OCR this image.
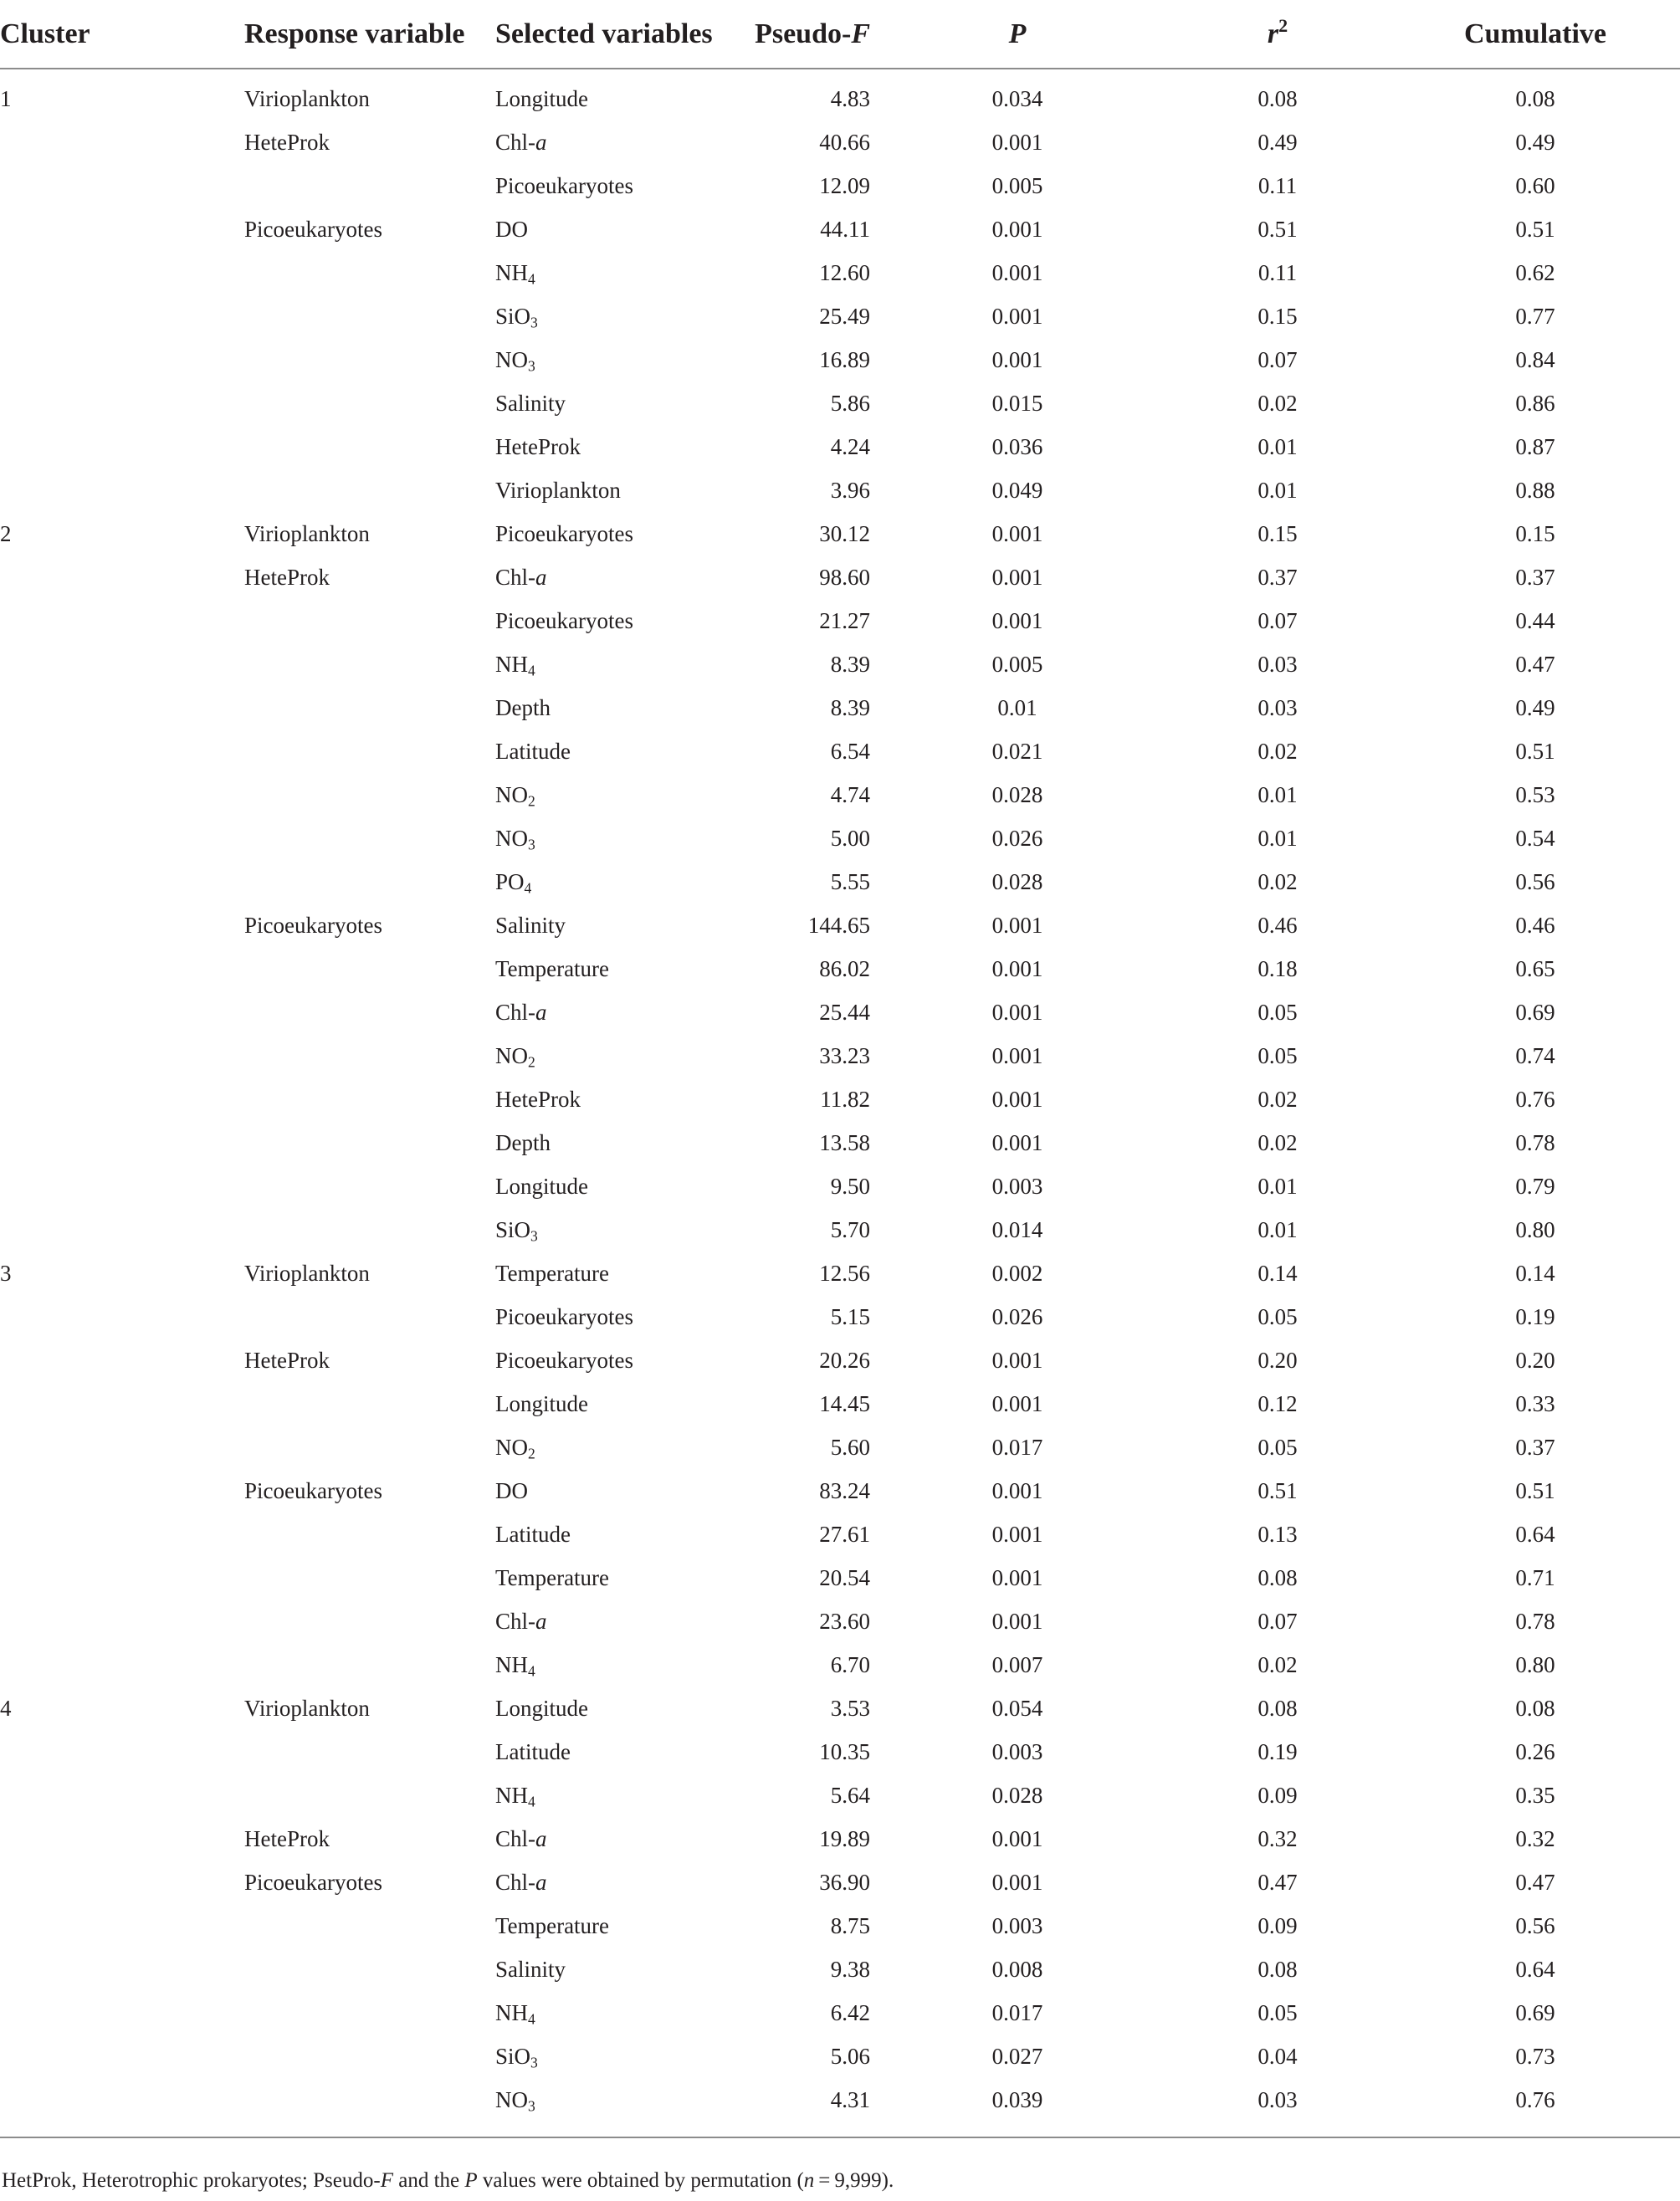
Cluster	Response variable	Selected variables	Pseudo-F	P	$r^2$	Cumulative
1	Virioplankton	Longitude	4.83	0.034	0.08	0.08
	HeteProk	Chl-a	40.66	0.001	0.49	0.49
		Picoeukaryotes	12.09	0.005	0.11	0.60
	Picoeukaryotes	DO	44.11	0.001	0.51	0.51
		$NH_4$	12.60	0.001	0.11	0.62
		SiO$_3$	25.49	0.001	0.15	0.77
		$NO_3$	16.89	0.001	0.07	0.84
		Salinity	5.86	0.015	0.02	0.86
		HeteProk	4.24	0.036	0.01	0.87
		Virioplankton	3.96	0.049	0.01	0.88
2	Virioplankton	Picoeukaryotes	30.12	0.001	0.15	0.15
	HeteProk	Chl-a	98.60	0.001	0.37	0.37
		Picoeukaryotes	21.27	0.001	0.07	0.44
		$NH_4$	8.39	0.005	0.03	0.47
		Depth	8.39	0.01	0.03	0.49
		Latitude	6.54	0.021	0.02	0.51
		$NO_2$	4.74	0.028	0.01	0.53
		$NO_3$	5.00	0.026	0.01	0.54
		$PO_4$	5.55	0.028	0.02	0.56
	Picoeukaryotes	Salinity	144.65	0.001	0.46	0.46
		Temperature	86.02	0.001	0.18	0.65
		Chl-a	25.44	0.001	0.05	0.69
		$NO_2$	33.23	0.001	0.05	0.74
		HeteProk	11.82	0.001	0.02	0.76
		Depth	13.58	0.001	0.02	0.78
		Longitude	9.50	0.003	0.01	0.79
		SiO$_3$	5.70	0.014	0.01	0.80
3	Virioplankton	Temperature	12.56	0.002	0.14	0.14
		Picoeukaryotes	5.15	0.026	0.05	0.19
	HeteProk	Picoeukaryotes	20.26	0.001	0.20	0.20
		Longitude	14.45	0.001	0.12	0.33
		$NO_2$	5.60	0.017	0.05	0.37
	Picoeukaryotes	DO	83.24	0.001	0.51	0.51
		Latitude	27.61	0.001	0.13	0.64
		Temperature	20.54	0.001	0.08	0.71
		Chl-a	23.60	0.001	0.07	0.78
		$NH_4$	6.70	0.007	0.02	0.80
4	Virioplankton	Longitude	3.53	0.054	0.08	0.08
		Latitude	10.35	0.003	0.19	0.26
		$NH_4$	5.64	0.028	0.09	0.35
	HeteProk	Chl-a	19.89	0.001	0.32	0.32
	Picoeukaryotes	Chl-a	36.90	0.001	0.47	0.47
		Temperature	8.75	0.003	0.09	0.56
		Salinity	9.38	0.008	0.08	0.64
		$NH_4$	6.42	0.017	0.05	0.69
		SiO$_3$	5.06	0.027	0.04	0.73
		$NO_3$	4.31	0.039	0.03	0.76
HetProk, Heterotrophic prokaryotes; Pseudo-F and the P values were obtained by permutation (n = 9,999).
